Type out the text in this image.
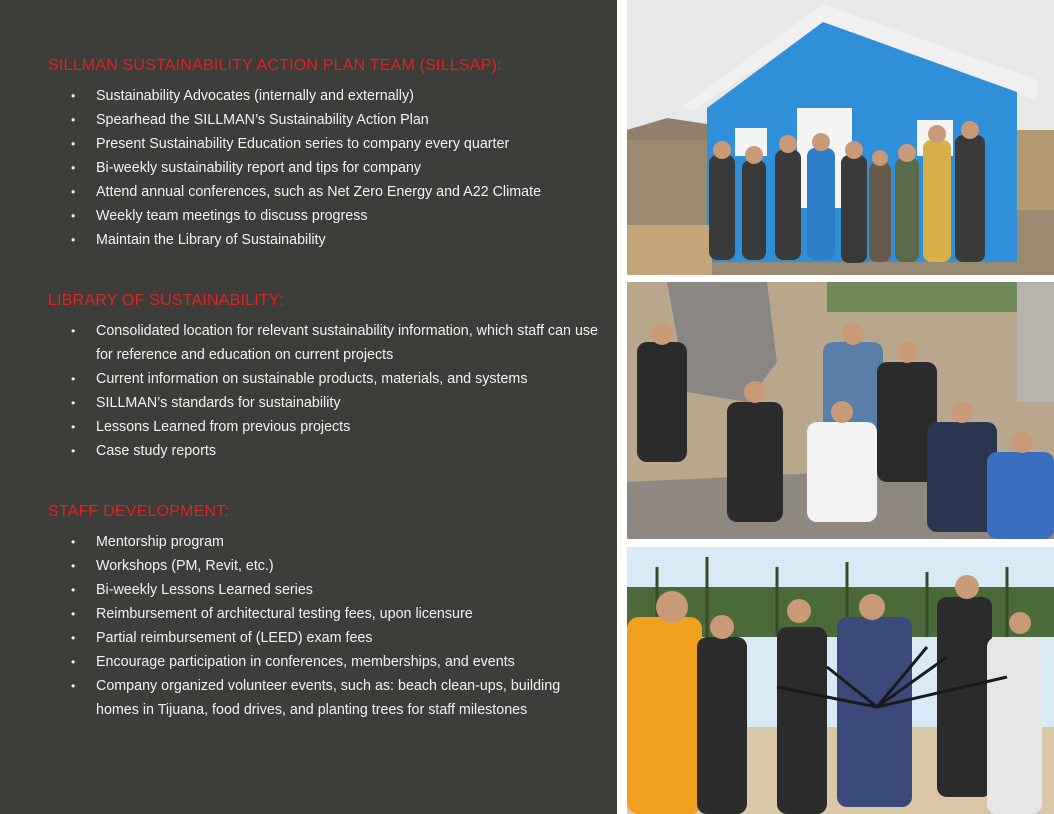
SILLMAN SUSTAINABILITY ACTION PLAN TEAM (SILLSAP):
• Sustainability Advocates (internally and externally)
• Spearhead the SILLMAN’s Sustainability Action Plan
• Present Sustainability Education series to company every quarter
• Bi-weekly sustainability report and tips for company
• Attend annual conferences, such as Net Zero Energy and A22 Climate
• Weekly team meetings to discuss progress
• Maintain the Library of Sustainability
LIBRARY OF SUSTAINABILITY:
• Consolidated location for relevant sustainability information, which staff can use for reference and education on current projects
• Current information on sustainable products, materials, and systems
• SILLMAN’s standards for sustainability
• Lessons Learned from previous projects
• Case study reports
STAFF DEVELOPMENT:
• Mentorship program
• Workshops (PM, Revit, etc.)
• Bi-weekly Lessons Learned series
• Reimbursement of architectural testing fees, upon licensure
• Partial reimbursement of (LEED) exam fees
• Encourage participation in conferences, memberships, and events
• Company organized volunteer events, such as: beach clean-ups, building homes in Tijuana, food drives, and planting trees for staff milestones
